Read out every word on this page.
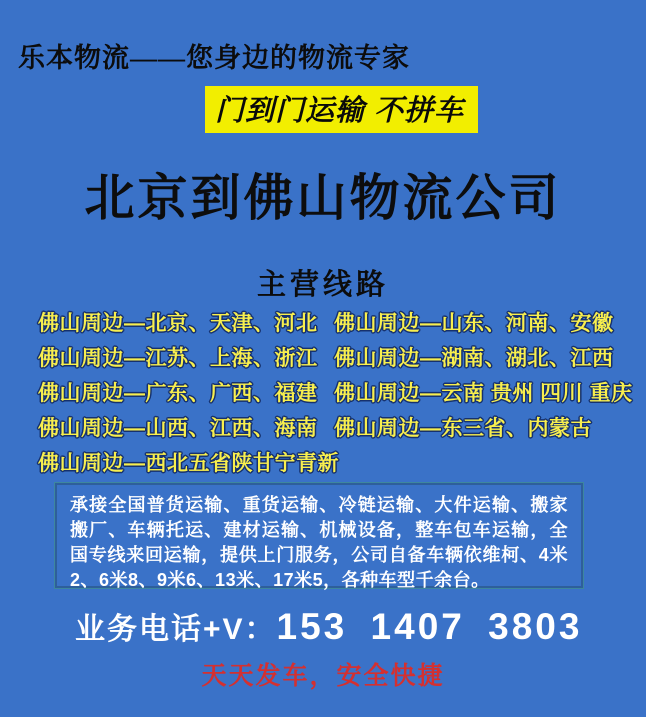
乐本物流——您身边的物流专家
门到门运输 不拼车
北京到佛山物流公司
主营线路
佛山周边—北京、天津、河北
佛山周边—江苏、上海、浙江
佛山周边—广东、广西、福建
佛山周边—山西、江西、海南
佛山周边—西北五省陕甘宁青新
佛山周边—山东、河南、安徽
佛山周边—湖南、湖北、江西
佛山周边—云南 贵州 四川 重庆
佛山周边—东三省、内蒙古

承接全国普货运输、重货运输、冷链运输、大件运输、搬家搬厂、车辆托运、建材运输、机械设备，整车包车运输，全国专线来回运输，提供上门服务，公司自备车辆依维柯、4米2、6米8、9米6、13米、17米5，各种车型千余台。

业务电话+V：153 1407 3803
天天发车，安全快捷
